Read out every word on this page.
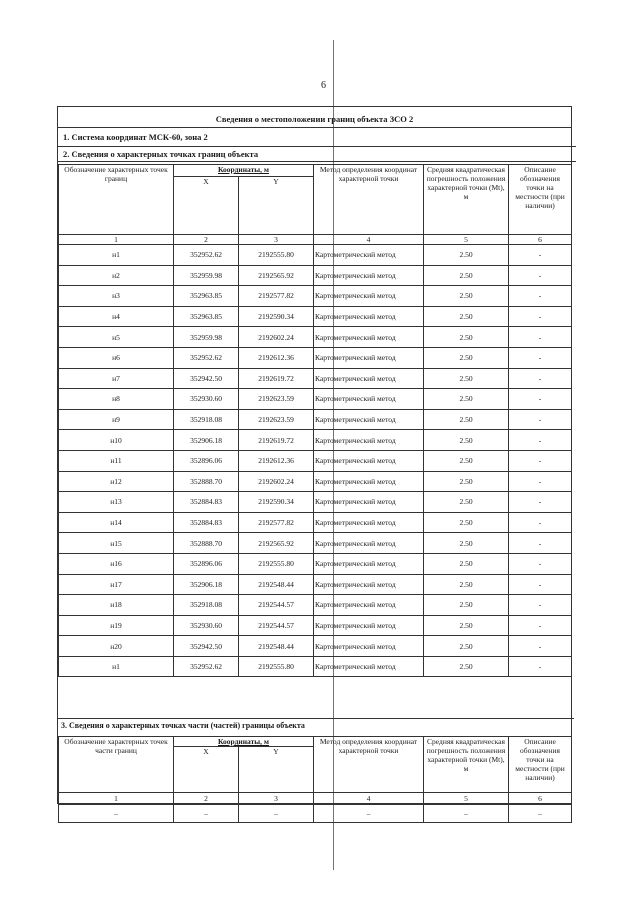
6
Сведения о местоположении границ объекта ЗСО 2
1. Система координат МСК-60, зона 2
2. Сведения о характерных точках границ объекта
Обозначение характерных точек границ	Координаты, м		Метод определения координат характерной точки	Средняя квадратическая погрешность положения характерной точки (Mt), м	Описание обозначения точки на местности (при наличии)
	X	Y			
1	2	3	4	5	6
н1	352952.62	2192555.80	Картометрический метод	2.50	-
н2	352959.98	2192565.92	Картометрический метод	2.50	-
н3	352963.85	2192577.82	Картометрический метод	2.50	-
н4	352963.85	2192590.34	Картометрический метод	2.50	-
н5	352959.98	2192602.24	Картометрический метод	2.50	-
н6	352952.62	2192612.36	Картометрический метод	2.50	-
н7	352942.50	2192619.72	Картометрический метод	2.50	-
н8	352930.60	2192623.59	Картометрический метод	2.50	-
н9	352918.08	2192623.59	Картометрический метод	2.50	-
н10	352906.18	2192619.72	Картометрический метод	2.50	-
н11	352896.06	2192612.36	Картометрический метод	2.50	-
н12	352888.70	2192602.24	Картометрический метод	2.50	-
н13	352884.83	2192590.34	Картометрический метод	2.50	-
н14	352884.83	2192577.82	Картометрический метод	2.50	-
н15	352888.70	2192565.92	Картометрический метод	2.50	-
н16	352896.06	2192555.80	Картометрический метод	2.50	-
н17	352906.18	2192548.44	Картометрический метод	2.50	-
н18	352918.08	2192544.57	Картометрический метод	2.50	-
н19	352930.60	2192544.57	Картометрический метод	2.50	-
н20	352942.50	2192548.44	Картометрический метод	2.50	-
н1	352952.62	2192555.80	Картометрический метод	2.50	-
3. Сведения о характерных точках части (частей) границы объекта
Обозначение характерных точек части границ	Координаты, м		Метод определения координат характерной точки	Средняя квадратическая погрешность положения характерной точки (Mt), м	Описание обозначения точки на местности (при наличии)
	X	Y			
1	2	3	4	5	6
–	–	–	–	–	–
